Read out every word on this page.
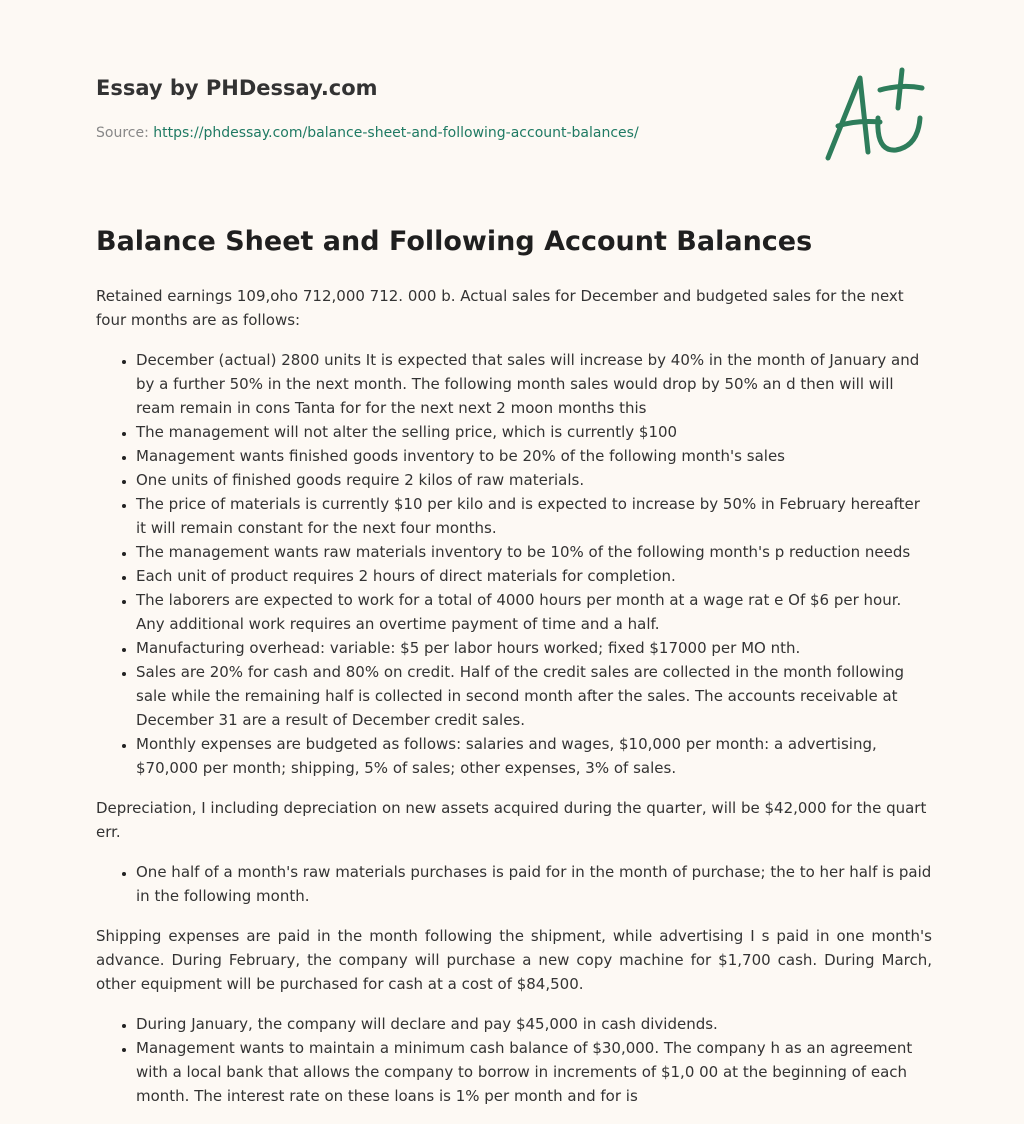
Essay by PHDessay.com
Source: https://phdessay.com/balance-sheet-and-following-account-balances/
Balance Sheet and Following Account Balances

Retained earnings 109,oho 712,000 712. 000 b. Actual sales for December and budgeted sales for the next four months are as follows:

• December (actual) 2800 units It is expected that sales will increase by 40% in the month of January and by a further 50% in the next month. The following month sales would drop by 50% an d then will will ream remain in cons Tanta for for the next next 2 moon months this
• The management will not alter the selling price, which is currently $100
• Management wants finished goods inventory to be 20% of the following month's sales
• One units of finished goods require 2 kilos of raw materials.
• The price of materials is currently $10 per kilo and is expected to increase by 50% in February hereafter it will remain constant for the next four months.
• The management wants raw materials inventory to be 10% of the following month's p reduction needs
• Each unit of product requires 2 hours of direct materials for completion.
• The laborers are expected to work for a total of 4000 hours per month at a wage rat e Of $6 per hour. Any additional work requires an overtime payment of time and a half.
• Manufacturing overhead: variable: $5 per labor hours worked; fixed $17000 per MO nth.
• Sales are 20% for cash and 80% on credit. Half of the credit sales are collected in the month following sale while the remaining half is collected in second month after the sales. The accounts receivable at December 31 are a result of December credit sales.
• Monthly expenses are budgeted as follows: salaries and wages, $10,000 per month: a advertising, $70,000 per month; shipping, 5% of sales; other expenses, 3% of sales.

Depreciation, I including depreciation on new assets acquired during the quarter, will be $42,000 for the quart err.

• One half of a month's raw materials purchases is paid for in the month of purchase; the to her half is paid in the following month.

Shipping expenses are paid in the month following the shipment, while advertising I s paid in one month's advance. During February, the company will purchase a new copy machine for $1,700 cash. During March, other equipment will be purchased for cash at a cost of $84,500.

• During January, the company will declare and pay $45,000 in cash dividends.
• Management wants to maintain a minimum cash balance of $30,000. The company h as an agreement with a local bank that allows the company to borrow in increments of $1,0 00 at the beginning of each month. The interest rate on these loans is 1% per month and for is
